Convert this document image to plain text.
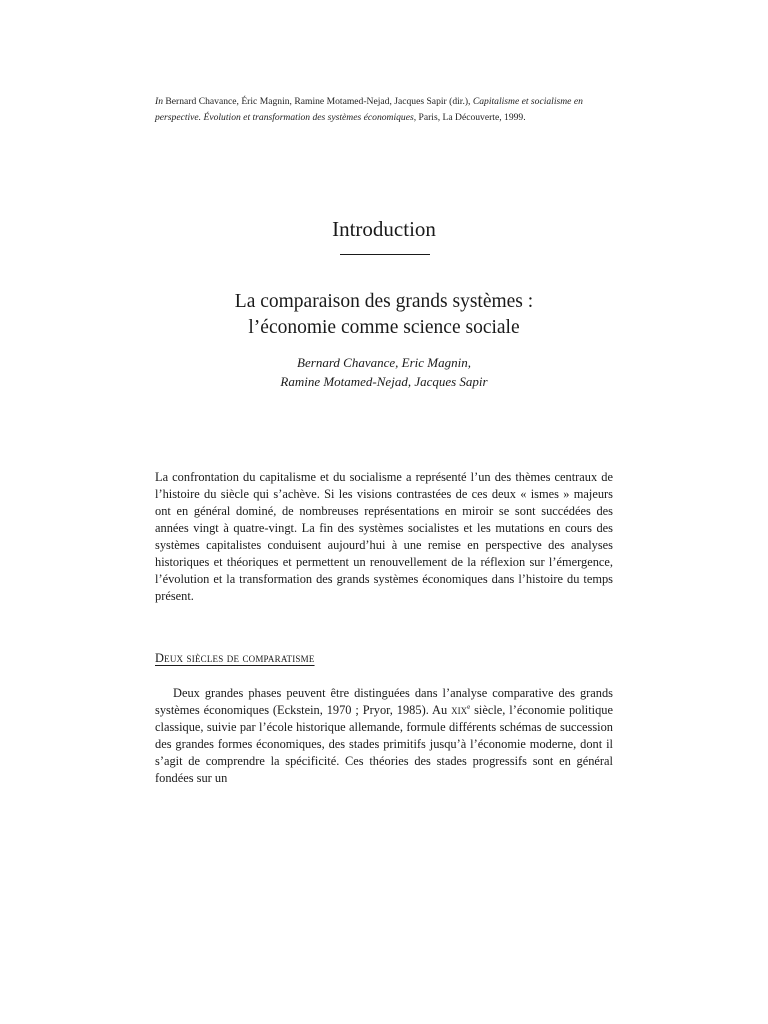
In Bernard Chavance, Éric Magnin, Ramine Motamed-Nejad, Jacques Sapir (dir.), Capitalisme et socialisme en perspective. Évolution et transformation des systèmes économiques, Paris, La Découverte, 1999.
Introduction
La comparaison des grands systèmes :
l’économie comme science sociale
Bernard Chavance, Eric Magnin,
Ramine Motamed-Nejad, Jacques Sapir

La confrontation du capitalisme et du socialisme a représenté l’un des thèmes centraux de l’histoire du siècle qui s’achève. Si les visions contrastées de ces deux « ismes » majeurs ont en général dominé, de nombreuses représentations en miroir se sont succédées des années vingt à quatre-vingt. La fin des systèmes socialistes et les mutations en cours des systèmes capitalistes conduisent aujourd’hui à une remise en perspective des analyses historiques et théoriques et permettent un renouvellement de la réflexion sur l’émergence, l’évolution et la transformation des grands systèmes économiques dans l’histoire du temps présent.

Deux siècles de comparatisme

Deux grandes phases peuvent être distinguées dans l’analyse comparative des grands systèmes économiques (Eckstein, 1970 ; Pryor, 1985). Au xix$^e$ siècle, l’économie politique classique, suivie par l’école historique allemande, formule différents schémas de succession des grandes formes économiques, des stades primitifs jusqu’à l’économie moderne, dont il s’agit de comprendre la spécificité. Ces théories des stades progressifs sont en général fondées sur un
